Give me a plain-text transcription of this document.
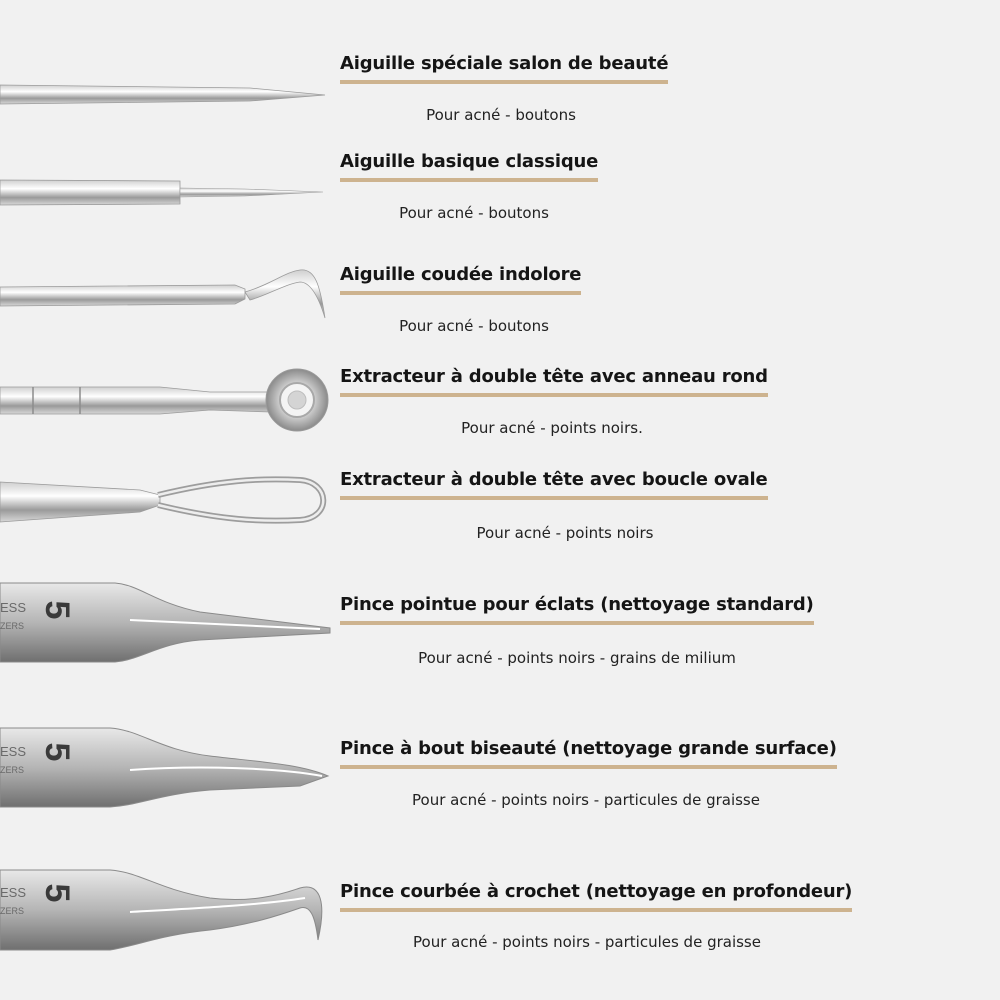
ESS
ZERS
5
ESS
ZERS
5
ESS
ZERS
5
Aiguille spéciale salon de beauté
Pour acné - boutons
Aiguille basique classique
Pour acné - boutons
Aiguille coudée indolore
Pour acné - boutons
Extracteur à double tête avec anneau rond
Pour acné - points noirs.
Extracteur à double tête avec boucle ovale
Pour acné - points noirs
Pince pointue pour éclats (nettoyage standard)
Pour acné - points noirs - grains de milium
Pince à bout biseauté (nettoyage grande surface)
Pour acné - points noirs - particules de graisse
Pince courbée à crochet (nettoyage en profondeur)
Pour acné - points noirs - particules de graisse
